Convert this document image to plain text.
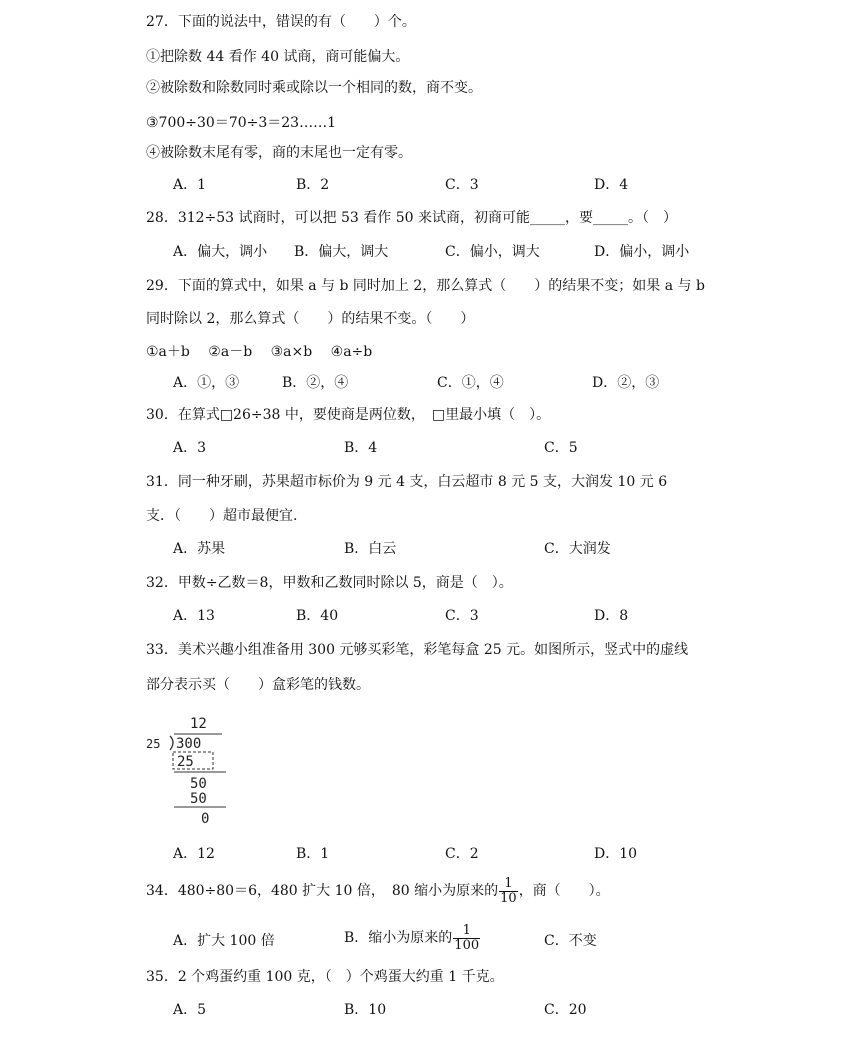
27．下面的说法中，错误的有（　　）个。
①把除数 44 看作 40 试商，商可能偏大。
②被除数和除数同时乘或除以一个相同的数，商不变。
③700÷30＝70÷3＝23……1
④被除数末尾有零，商的末尾也一定有零。
A．1	B．2	C．3	D．4
28．312÷53 试商时，可以把 53 看作 50 来试商，初商可能_____，要_____。（　）
A．偏大，调小 B．偏大，调大	C．偏小，调大	D．偏小，调小
29．下面的算式中，如果 a 与 b 同时加上 2，那么算式（　　）的结果不变；如果 a 与 b
同时除以 2，那么算式（　　）的结果不变。（　　）
①a＋b　 ②a－b　 ③a×b　 ④a÷b
A．①，③	B．②，④	C．①，④	D．②，③
30．在算式□26÷38 中，要使商是两位数，　□里最小填（　）。
A．3	B．4	C．5
31．同一种牙刷，苏果超市标价为 9 元 4 支，白云超市 8 元 5 支，大润发 10 元 6
支．（　　）超市最便宜.
A．苏果	B．白云	C．大润发
32．甲数÷乙数＝8，甲数和乙数同时除以 5，商是（　）。
A．13	B．40	C．3	D．8
33．美术兴趣小组准备用 300 元够买彩笔，彩笔每盒 25 元。如图所示，竖式中的虚线
部分表示买（　　）盒彩笔的钱数。
12
25 300
25
50
50
0
A．12	B．1	C．2	D．10
34．480÷80＝6，480 扩大 10 倍，　80 缩小为原来的 $\frac{1}{10}$ ，商（　　）。
A．扩大 100 倍	B．缩小为原来的 $\frac{1}{100}$	C．不变
35．2 个鸡蛋约重 100 克，（　）个鸡蛋大约重 1 千克。
A．5	B．10	C．20
